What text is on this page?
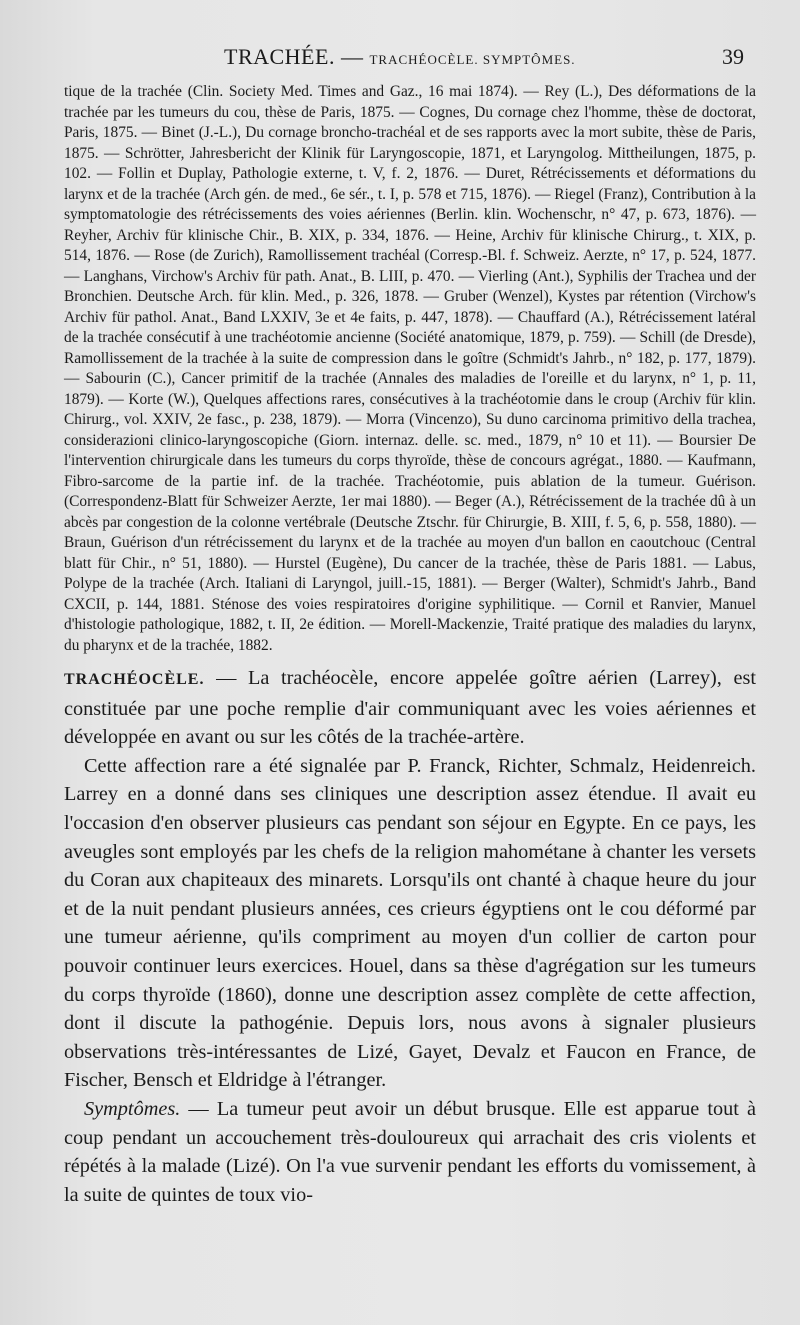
TRACHÉE. — TRACHÉOCÈLE. SYMPTÔMES.	39

tique de la trachée (Clin. Society Med. Times and Gaz., 16 mai 1874). — Rey (L.), Des déformations de la trachée par les tumeurs du cou, thèse de Paris, 1875. — Cognes, Du cornage chez l'homme, thèse de doctorat, Paris, 1875. — Binet (J.-L.), Du cornage broncho-trachéal et de ses rapports avec la mort subite, thèse de Paris, 1875. — Schrötter, Jahresbericht der Klinik für Laryngoscopie, 1871, et Laryngolog. Mittheilungen, 1875, p. 102. — Follin et Duplay, Pathologie externe, t. V, f. 2, 1876. — Duret, Rétrécissements et déformations du larynx et de la trachée (Arch gén. de med., 6e sér., t. I, p. 578 et 715, 1876). — Riegel (Franz), Contribution à la symptomatologie des rétrécissements des voies aériennes (Berlin. klin. Wochenschr, n° 47, p. 673, 1876). — Reyher, Archiv für klinische Chir., B. XIX, p. 334, 1876. — Heine, Archiv für klinische Chirurg., t. XIX, p. 514, 1876. — Rose (de Zurich), Ramollissement trachéal (Corresp.-Bl. f. Schweiz. Aerzte, n° 17, p. 524, 1877. — Langhans, Virchow's Archiv für path. Anat., B. LIII, p. 470. — Vierling (Ant.), Syphilis der Trachea und der Bronchien. Deutsche Arch. für klin. Med., p. 326, 1878. — Gruber (Wenzel), Kystes par rétention (Virchow's Archiv für pathol. Anat., Band LXXIV, 3e et 4e faits, p. 447, 1878). — Chauffard (A.), Rétrécissement latéral de la trachée consécutif à une trachéotomie ancienne (Société anatomique, 1879, p. 759). — Schill (de Dresde), Ramollissement de la trachée à la suite de compression dans le goître (Schmidt's Jahrb., n° 182, p. 177, 1879). — Sabourin (C.), Cancer primitif de la trachée (Annales des maladies de l'oreille et du larynx, n° 1, p. 11, 1879). — Korte (W.), Quelques affections rares, consécutives à la trachéotomie dans le croup (Archiv für klin. Chirurg., vol. XXIV, 2e fasc., p. 238, 1879). — Morra (Vincenzo), Su duno carcinoma primitivo della trachea, considerazioni clinico-laryngoscopiche (Giorn. internaz. delle. sc. med., 1879, n° 10 et 11). — Boursier De l'intervention chirurgicale dans les tumeurs du corps thyroïde, thèse de concours agrégat., 1880. — Kaufmann, Fibro-sarcome de la partie inf. de la trachée. Trachéotomie, puis ablation de la tumeur. Guérison. (Correspondenz-Blatt für Schweizer Aerzte, 1er mai 1880). — Beger (A.), Rétrécissement de la trachée dû à un abcès par congestion de la colonne vertébrale (Deutsche Ztschr. für Chirurgie, B. XIII, f. 5, 6, p. 558, 1880). — Braun, Guérison d'un rétrécissement du larynx et de la trachée au moyen d'un ballon en caoutchouc (Central blatt für Chir., n° 51, 1880). — Hurstel (Eugène), Du cancer de la trachée, thèse de Paris 1881. — Labus, Polype de la trachée (Arch. Italiani di Laryngol, juill.-15, 1881). — Berger (Walter), Schmidt's Jahrb., Band CXCII, p. 144, 1881. Sténose des voies respiratoires d'origine syphilitique. — Cornil et Ranvier, Manuel d'histologie pathologique, 1882, t. II, 2e édition. — Morell-Mackenzie, Traité pratique des maladies du larynx, du pharynx et de la trachée, 1882.

TRACHÉOCÈLE. — La trachéocèle, encore appelée goître aérien (Larrey), est constituée par une poche remplie d'air communiquant avec les voies aériennes et développée en avant ou sur les côtés de la trachée-artère.

Cette affection rare a été signalée par P. Franck, Richter, Schmalz, Heidenreich. Larrey en a donné dans ses cliniques une description assez étendue. Il avait eu l'occasion d'en observer plusieurs cas pendant son séjour en Egypte. En ce pays, les aveugles sont employés par les chefs de la religion mahométane à chanter les versets du Coran aux chapiteaux des minarets. Lorsqu'ils ont chanté à chaque heure du jour et de la nuit pendant plusieurs années, ces crieurs égyptiens ont le cou déformé par une tumeur aérienne, qu'ils compriment au moyen d'un collier de carton pour pouvoir continuer leurs exercices. Houel, dans sa thèse d'agrégation sur les tumeurs du corps thyroïde (1860), donne une description assez complète de cette affection, dont il discute la pathogénie. Depuis lors, nous avons à signaler plusieurs observations très-intéressantes de Lizé, Gayet, Devalz et Faucon en France, de Fischer, Bensch et Eldridge à l'étranger.

Symptômes. — La tumeur peut avoir un début brusque. Elle est apparue tout à coup pendant un accouchement très-douloureux qui arrachait des cris violents et répétés à la malade (Lizé). On l'a vue survenir pendant les efforts du vomissement, à la suite de quintes de toux vio-
